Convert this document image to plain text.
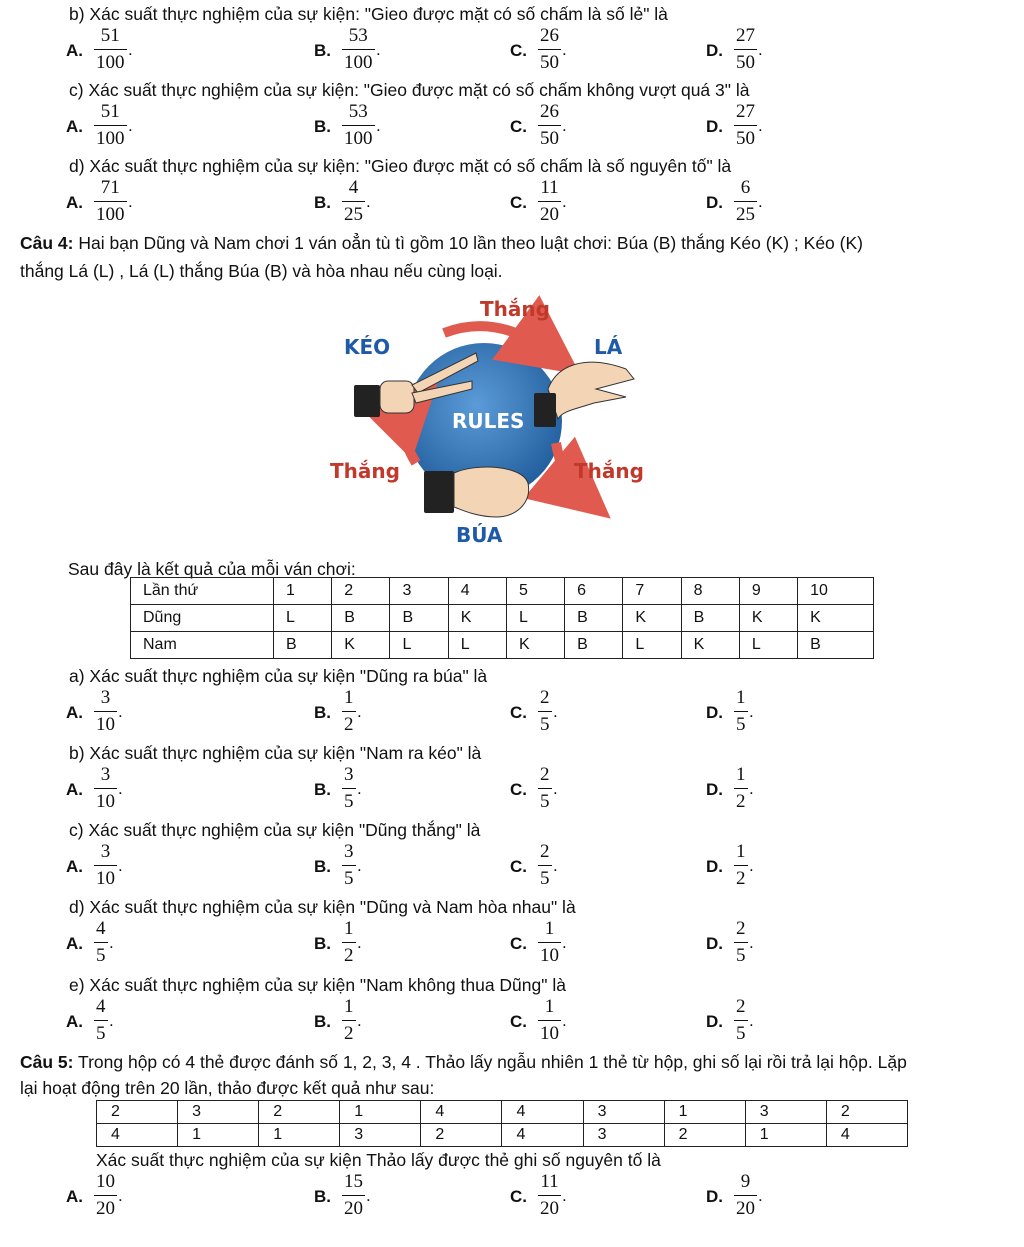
b) Xác suất thực nghiệm của sự kiện: "Gieo được mặt có số chấm là số lẻ" là
A.
51
100
.	B.
53
100
.	C.
26
50
.	D.
27
50
.
c) Xác suất thực nghiệm của sự kiện: "Gieo được mặt có số chấm không vượt quá 3" là
A.
51
100
.	B.
53
100
.	C.
26
50
.	D.
27
50
.
d) Xác suất thực nghiệm của sự kiện: "Gieo được mặt có số chấm là số nguyên tố" là
A.
71
100
.	B.
4
25
.	C.
11
20
.	D.
6
25
.
Câu 4: Hai bạn Dũng và Nam chơi 1 ván oẳn tù tì gồm 10 lần theo luật chơi: Búa (B) thắng Kéo (K) ; Kéo (K)
thắng Lá (L) , Lá (L) thắng Búa (B) và hòa nhau nếu cùng loại.
Thắng
KÉO	LÁ
RULES
Thắng	Thắng
BÚA
Sau đây là kết quả của mỗi ván chơi:
Lần thứ	1	2	3	4	5	6	7	8	9	10
Dũng	L	B	B	K	L	B	K	B	K	K
Nam	B	K	L	L	K	B	L	K	L	B
a) Xác suất thực nghiệm của sự kiện "Dũng ra búa" là
A.
3
10
.	B.
1
2
.	C.
2
5
.	D.
1
5
.
b) Xác suất thực nghiệm của sự kiện "Nam ra kéo" là
A.
3
10
.	B.
3
5
.	C.
2
5
.	D.
1
2
.
c) Xác suất thực nghiệm của sự kiện "Dũng thắng" là
A.
3
10
.	B.
3
5
.	C.
2
5
.	D.
1
2
.
d) Xác suất thực nghiệm của sự kiện "Dũng và Nam hòa nhau" là
A.
4
5
.	B.
1
2
.	C.
1
10
.	D.
2
5
.
e) Xác suất thực nghiệm của sự kiện "Nam không thua Dũng" là
A.
4
5
.	B.
1
2
.	C.
1
10
.	D.
2
5
.
Câu 5: Trong hộp có 4 thẻ được đánh số 1, 2, 3, 4 . Thảo lấy ngẫu nhiên 1 thẻ từ hộp, ghi số lại rồi trả lại hộp. Lặp
lại hoạt động trên 20 lần, thảo được kết quả như sau:
2	3	2	1	4	4	3	1	3	2
4	1	1	3	2	4	3	2	1	4
Xác suất thực nghiệm của sự kiện Thảo lấy được thẻ ghi số nguyên tố là
A.
10
20
.	B.
15
20
.	C.
11
20
.	D.
9
20
.
